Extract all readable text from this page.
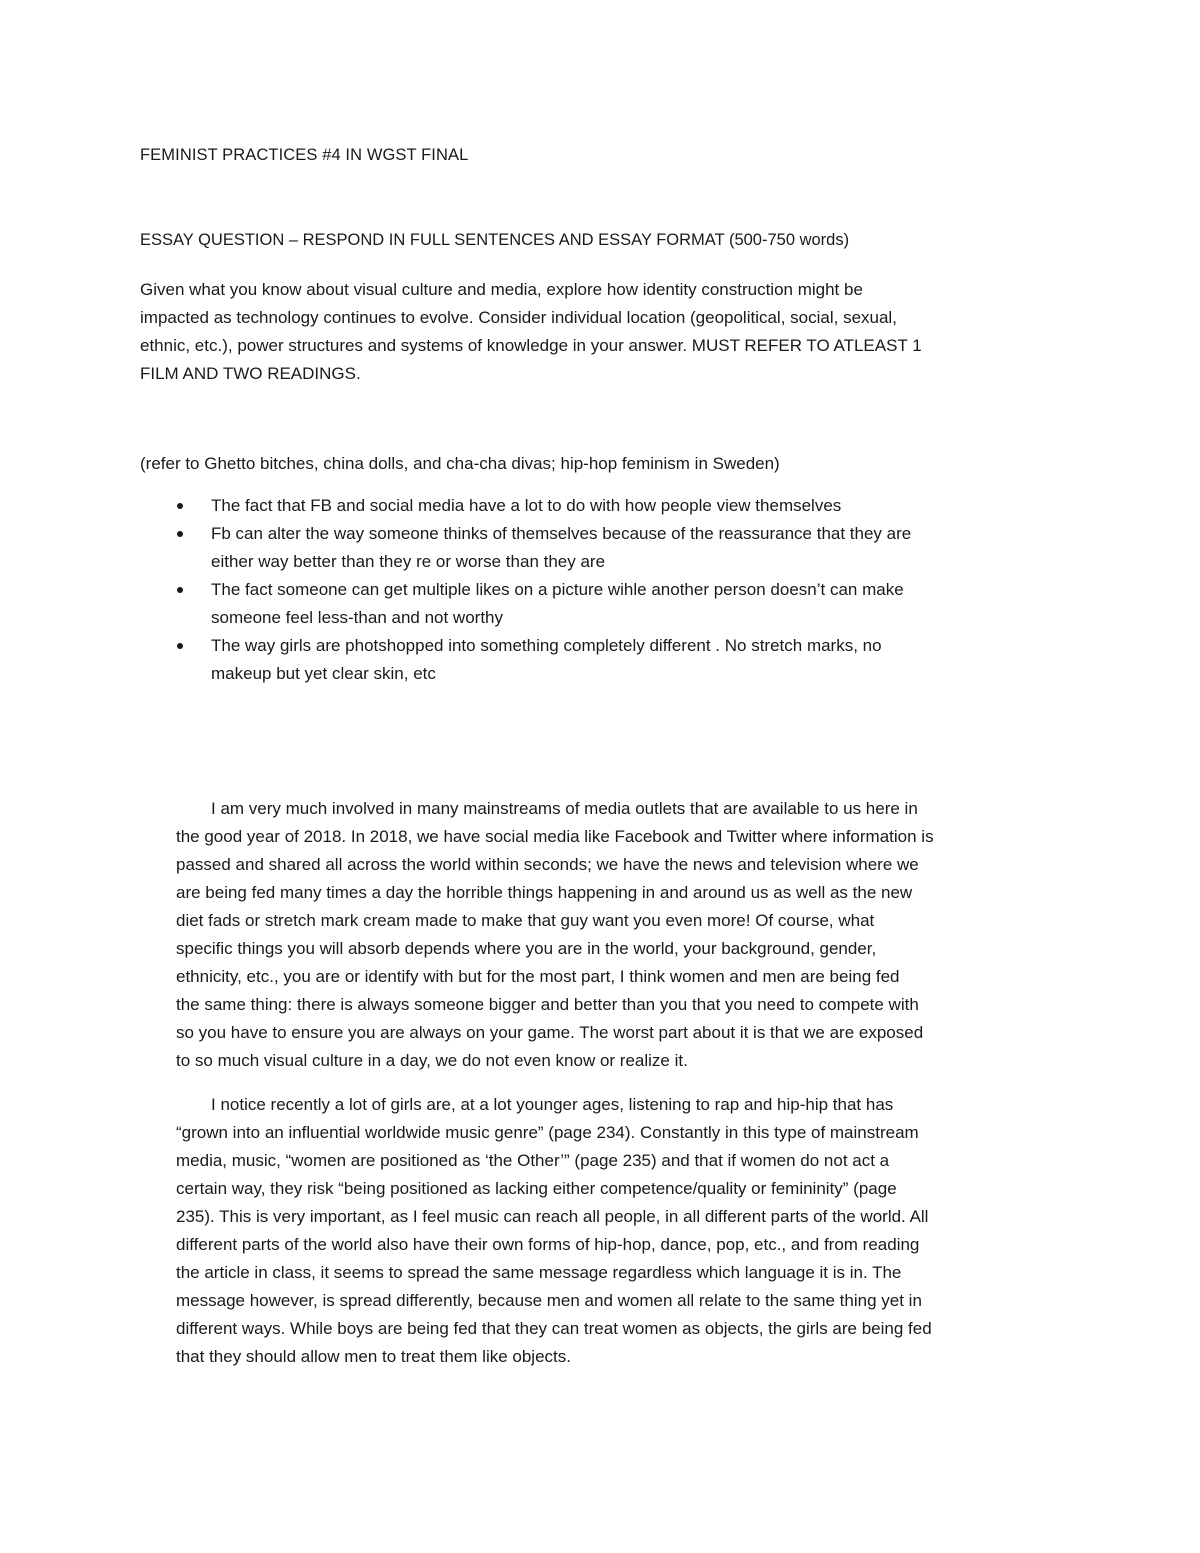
FEMINIST PRACTICES #4 IN WGST FINAL
ESSAY QUESTION – RESPOND IN FULL SENTENCES AND ESSAY FORMAT (500-750 words)
Given what you know about visual culture and media, explore how identity construction might be
impacted as technology continues to evolve. Consider individual location (geopolitical, social, sexual,
ethnic, etc.), power structures and systems of knowledge in your answer. MUST REFER TO ATLEAST 1
FILM AND TWO READINGS.
(refer to Ghetto bitches, china dolls, and cha-cha divas; hip-hop feminism in Sweden)
The fact that FB and social media have a lot to do with how people view themselves
Fb can alter the way someone thinks of themselves because of the reassurance that they are
either way better than they re or worse than they are
The fact someone can get multiple likes on a picture wihle another person doesn’t can make
someone feel less-than and not worthy
The way girls are photshopped into something completely different . No stretch marks, no
makeup but yet clear skin, etc
I am very much involved in many mainstreams of media outlets that are available to us here in
the good year of 2018. In 2018, we have social media like Facebook and Twitter where information is
passed and shared all across the world within seconds; we have the news and television where we
are being fed many times a day the horrible things happening in and around us as well as the new
diet fads or stretch mark cream made to make that guy want you even more! Of course, what
specific things you will absorb depends where you are in the world, your background, gender,
ethnicity, etc., you are or identify with but for the most part, I think women and men are being fed
the same thing: there is always someone bigger and better than you that you need to compete with
so you have to ensure you are always on your game. The worst part about it is that we are exposed
to so much visual culture in a day, we do not even know or realize it.
I notice recently a lot of girls are, at a lot younger ages, listening to rap and hip-hip that has
“grown into an influential worldwide music genre” (page 234). Constantly in this type of mainstream
media, music, “women are positioned as ‘the Other’” (page 235) and that if women do not act a
certain way, they risk “being positioned as lacking either competence/quality or femininity” (page
235). This is very important, as I feel music can reach all people, in all different parts of the world. All
different parts of the world also have their own forms of hip-hop, dance, pop, etc., and from reading
the article in class, it seems to spread the same message regardless which language it is in. The
message however, is spread differently, because men and women all relate to the same thing yet in
different ways. While boys are being fed that they can treat women as objects, the girls are being fed
that they should allow men to treat them like objects.
